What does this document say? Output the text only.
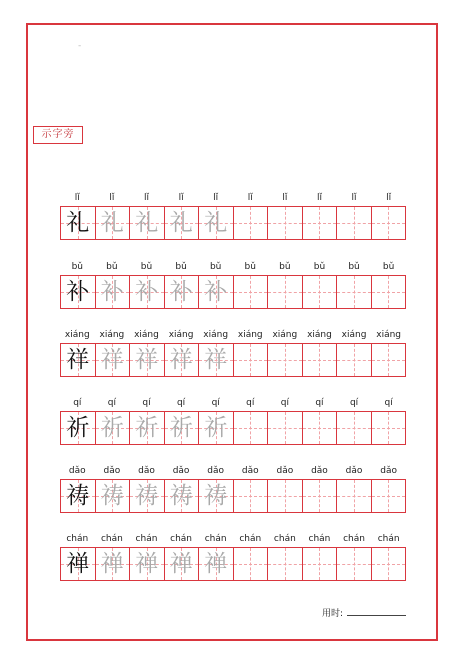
-
示字旁
lǐ	lǐ	lǐ	lǐ	lǐ	lǐ	lǐ	lǐ	lǐ	lǐ
礼 礼 礼 礼 礼
bǔ	bǔ	bǔ	bǔ	bǔ	bǔ	bǔ	bǔ	bǔ	bǔ
补 补 补 补 补
xiáng	xiáng	xiáng	xiáng	xiáng	xiáng	xiáng	xiáng	xiáng	xiáng
祥 祥 祥 祥 祥
qí	qí	qí	qí	qí	qí	qí	qí	qí	qí
祈 祈 祈 祈 祈
dǎo	dǎo	dǎo	dǎo	dǎo	dǎo	dǎo	dǎo	dǎo	dǎo
祷 祷 祷 祷 祷
chán	chán	chán	chán	chán	chán	chán	chán	chán	chán
禅 禅 禅 禅 禅
用时:
